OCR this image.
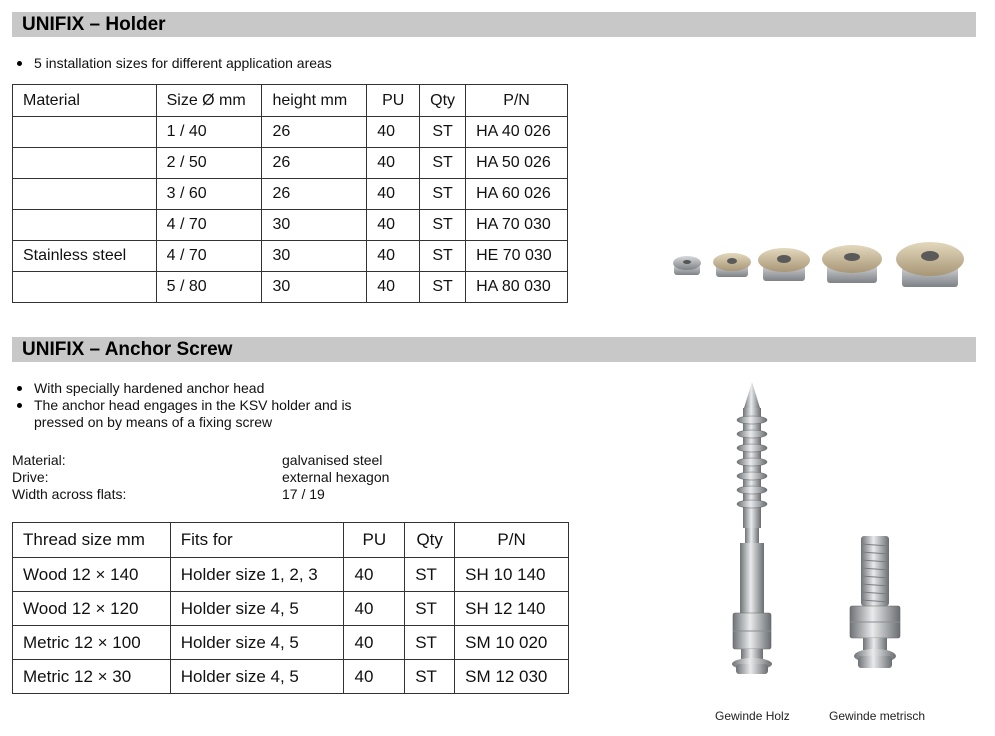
UNIFIX – Holder
5 installation sizes for different application areas
Material	Size Ø mm	height mm	PU	Qty	P/N
	1 / 40	26	40	ST	HA 40 026
	2 / 50	26	40	ST	HA 50 026
	3 / 60	26	40	ST	HA 60 026
	4 / 70	30	40	ST	HA 70 030
Stainless steel	4 / 70	30	40	ST	HE 70 030
	5 / 80	30	40	ST	HA 80 030
UNIFIX – Anchor Screw
With specially hardened anchor head
The anchor head engages in the KSV holder and is pressed on by means of a fixing screw
Material:	galvanised steel
Drive:	external hexagon
Width across flats:	17 / 19
Thread size mm	Fits for	PU	Qty	P/N
Wood 12 × 140	Holder size 1, 2, 3	40	ST	SH 10 140
Wood 12 × 120	Holder size 4, 5	40	ST	SH 12 140
Metric 12 × 100	Holder size 4, 5	40	ST	SM 10 020
Metric 12 × 30	Holder size 4, 5	40	ST	SM 12 030
Gewinde Holz	Gewinde metrisch
